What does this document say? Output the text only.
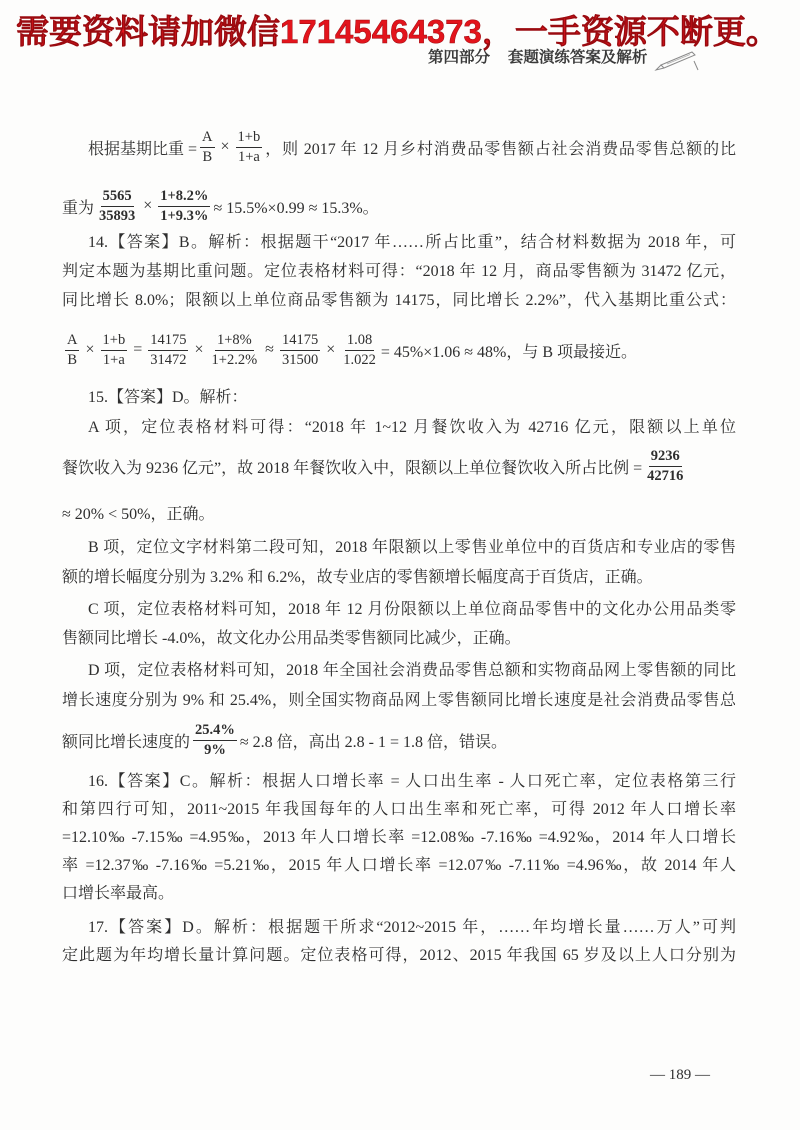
需要资料请加微信17145464373，一手资源不断更。
第四部分 套题演练答案及解析
根据基期比重 = $\frac{A}{B} \times \frac{1+b}{1+a}$ ，则 2017 年 12 月乡村消费品零售额占社会消费品零售总额的比
重为 $\frac{5565}{35893} \times \frac{1+8.2\%}{1+9.3\%} \approx 15.5\%\times 0.99 \approx 15.3\%$。
14.【答案】B。解析：根据题干“2017 年……所占比重”，结合材料数据为 2018 年，可
判定本题为基期比重问题。定位表格材料可得：“2018 年 12 月，商品零售额为 31472 亿元，
同比增长 8.0%；限额以上单位商品零售额为 14175，同比增长 2.2%”，代入基期比重公式：
$\frac{A}{B} \times \frac{1+b}{1+a} = \frac{14175}{31472} \times \frac{1+8\%}{1+2.2\%} \approx \frac{14175}{31500} \times \frac{1.08}{1.022} = 45\%\times 1.06 \approx 48\%$，与 B 项最接近。
15.【答案】D。解析：
A 项，定位表格材料可得：“2018 年 1~12 月餐饮收入为 42716 亿元，限额以上单位
餐饮收入为 9236 亿元”，故 2018 年餐饮收入中，限额以上单位餐饮收入所占比例 = $\frac{9236}{42716}$
≈ 20% < 50%，正确。
B 项，定位文字材料第二段可知，2018 年限额以上零售业单位中的百货店和专业店的零售
额的增长幅度分别为 3.2% 和 6.2%，故专业店的零售额增长幅度高于百货店，正确。
C 项，定位表格材料可知，2018 年 12 月份限额以上单位商品零售中的文化办公用品类零
售额同比增长 -4.0%，故文化办公用品类零售额同比减少，正确。
D 项，定位表格材料可知，2018 年全国社会消费品零售总额和实物商品网上零售额的同比
增长速度分别为 9% 和 25.4%，则全国实物商品网上零售额同比增长速度是社会消费品零售总
额同比增长速度的 $\frac{25.4\%}{9\%} \approx 2.8$ 倍，高出 2.8 - 1 = 1.8 倍，错误。
16.【答案】C。解析：根据人口增长率 = 人口出生率 - 人口死亡率，定位表格第三行
和第四行可知，2011~2015 年我国每年的人口出生率和死亡率，可得 2012 年人口增长率
=12.10‰ -7.15‰ =4.95‰，2013 年人口增长率 =12.08‰ -7.16‰ =4.92‰，2014 年人口增长
率 =12.37‰ -7.16‰ =5.21‰，2015 年人口增长率 =12.07‰ -7.11‰ =4.96‰，故 2014 年人
口增长率最高。
17.【答案】D。解析：根据题干所求“2012~2015 年，……年均增长量……万人”可判
定此题为年均增长量计算问题。定位表格可得，2012、2015 年我国 65 岁及以上人口分别为
— 189 —
